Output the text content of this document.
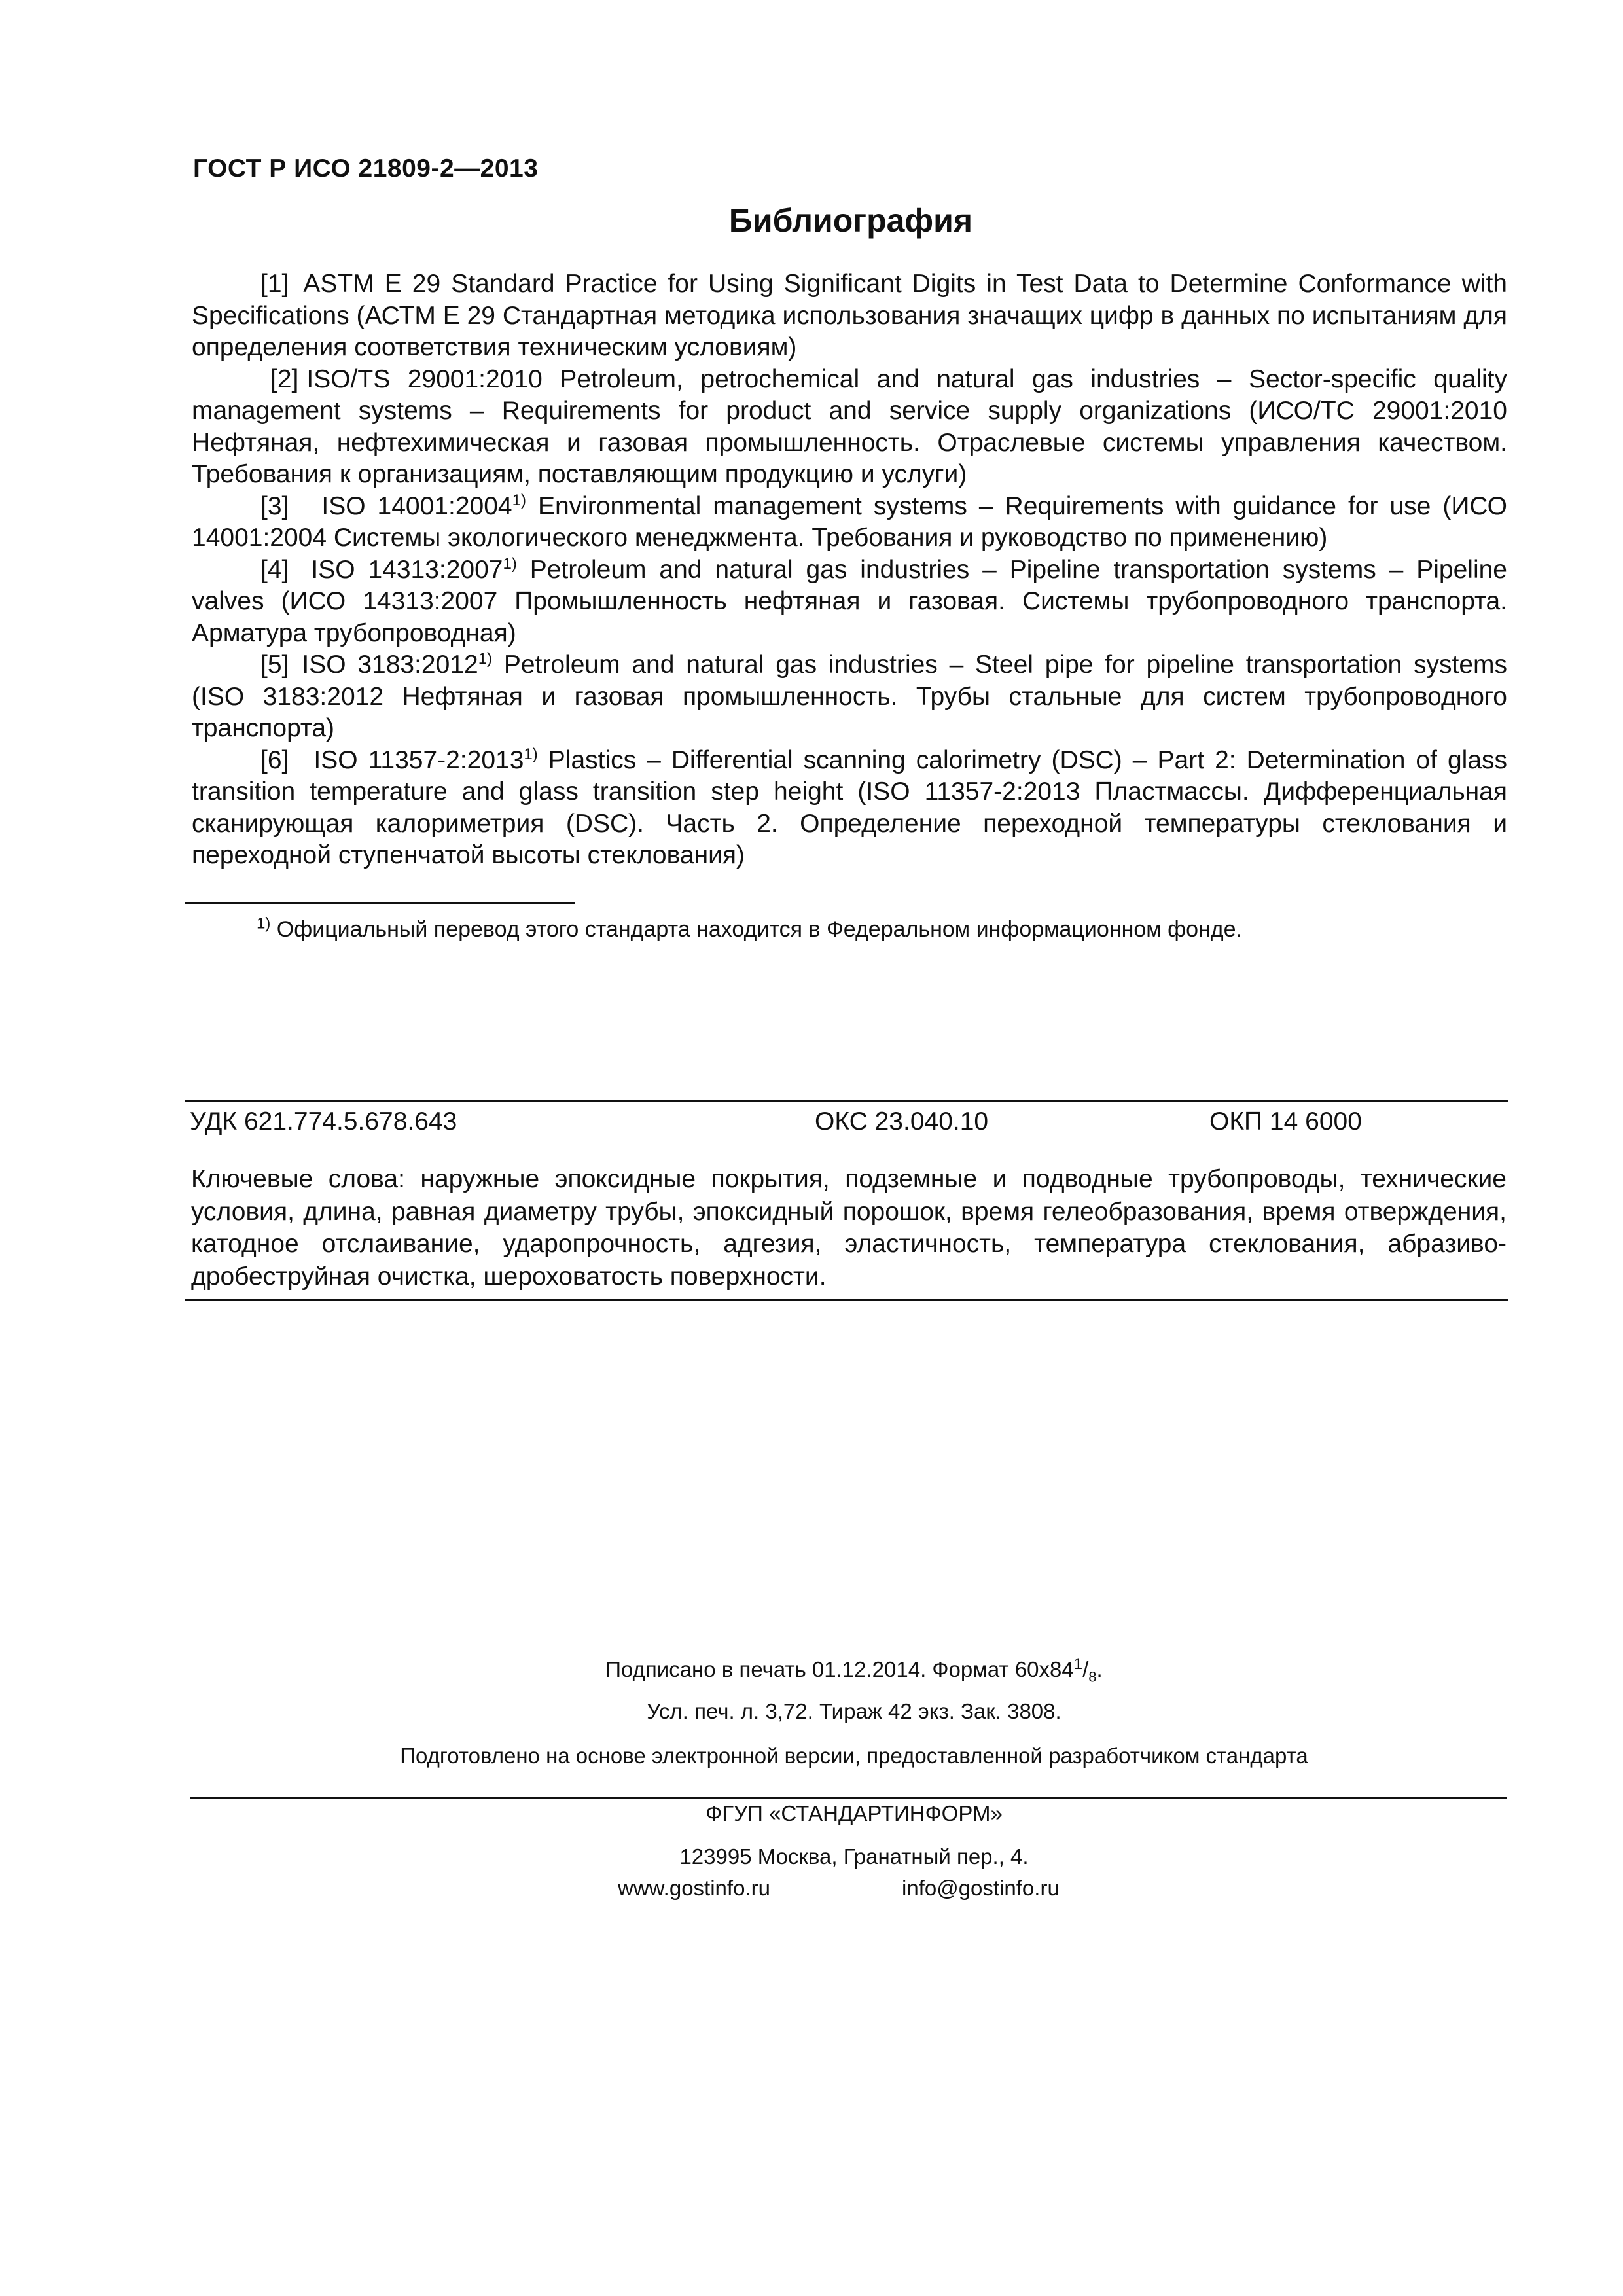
ГОСТ Р ИСО 21809-2—2013
Библиография

[1] ASTM E 29 Standard Practice for Using Significant Digits in Test Data to Determine Conformance with Specifications (АСТМ Е 29 Стандартная методика использования значащих цифр в данных по испытаниям для определения соответствия техническим условиям)

[2] ISO/TS 29001:2010 Petroleum, petrochemical and natural gas industries – Sector-specific quality management systems – Requirements for product and service supply organizations (ИСО/ТС 29001:2010 Нефтяная, нефтехимическая и газовая промышленность. Отраслевые системы управления качеством. Требования к организациям, поставляющим продукцию и услуги)

[3] ISO 14001:2004$^{1)}$ Environmental management systems – Requirements with guidance for use (ИСО 14001:2004 Системы экологического менеджмента. Требования и руководство по применению)

[4] ISO 14313:2007$^{1)}$ Petroleum and natural gas industries – Pipeline transportation systems – Pipeline valves (ИСО 14313:2007 Промышленность нефтяная и газовая. Системы трубопроводного транспорта. Арматура трубопроводная)

[5] ISO 3183:2012$^{1)}$ Petroleum and natural gas industries – Steel pipe for pipeline transportation systems (ISO 3183:2012 Нефтяная и газовая промышленность. Трубы стальные для систем трубопроводного транспорта)

[6] ISO 11357-2:2013$^{1)}$ Plastics – Differential scanning calorimetry (DSC) – Part 2: Determination of glass transition temperature and glass transition step height (ISO 11357-2:2013 Пластмассы. Дифференциальная сканирующая калориметрия (DSC). Часть 2. Определение переходной температуры стеклования и переходной ступенчатой высоты стеклования)

$^{1)}$ Официальный перевод этого стандарта находится в Федеральном информационном фонде.
УДК 621.774.5.678.643	ОКС 23.040.10	ОКП 14 6000
Ключевые слова: наружные эпоксидные покрытия, подземные и подводные трубопроводы, технические условия, длина, равная диаметру трубы, эпоксидный порошок, время гелеобразования, время отверждения, катодное отслаивание, ударопрочность, адгезия, эластичность, температура стеклования, абразиво-дробеструйная очистка, шероховатость поверхности.
Подписано в печать 01.12.2014. Формат $60х84^1/_8$.
Усл. печ. л. 3,72. Тираж 42 экз. Зак. 3808.
Подготовлено на основе электронной версии, предоставленной разработчиком стандарта
ФГУП «СТАНДАРТИНФОРМ»
123995 Москва, Гранатный пер., 4.
www.gostinfo.ru	info@gostinfo.ru
